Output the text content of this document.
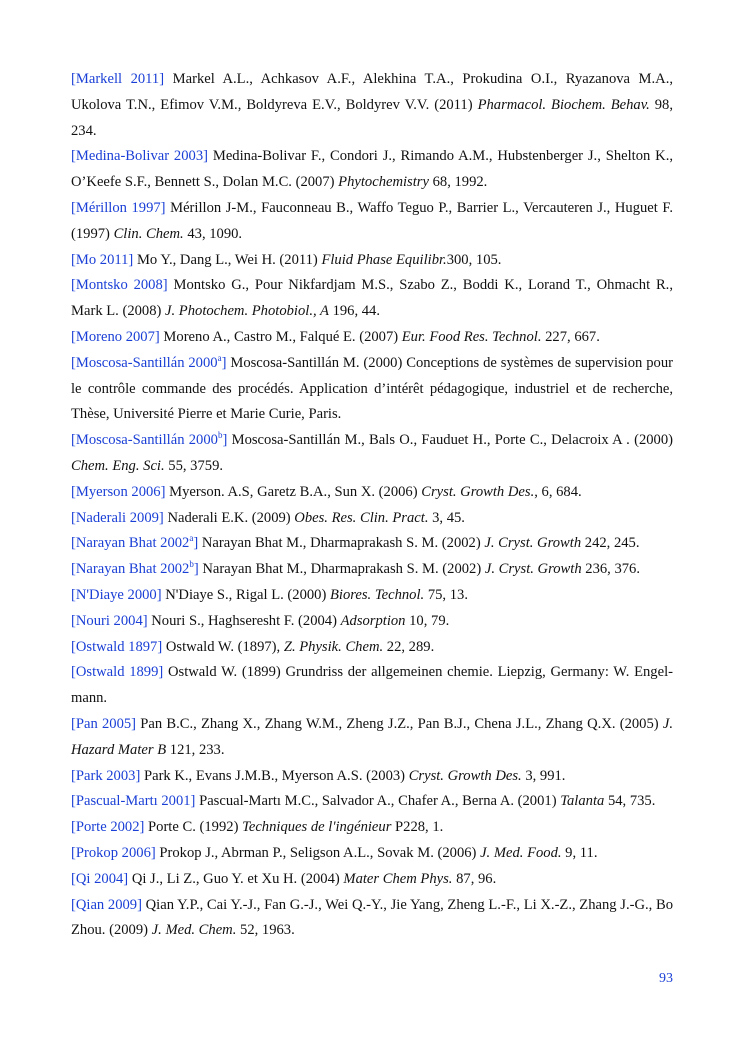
[Markell 2011] Markel A.L., Achkasov A.F., Alekhina T.A., Prokudina O.I., Ryazanova M.A., Ukolova T.N., Efimov V.M., Boldyreva E.V., Boldyrev V.V. (2011) Pharmacol. Biochem. Behav. 98, 234.

[Medina-Bolivar 2003] Medina-Bolivar F., Condori J., Rimando A.M., Hubstenberger J., Shelton K., O’Keefe S.F., Bennett S., Dolan M.C. (2007) Phytochemistry 68, 1992.

[Mérillon 1997] Mérillon J-M., Fauconneau B., Waffo Teguo P., Barrier L., Vercauteren J., Huguet F. (1997) Clin. Chem. 43, 1090.

[Mo 2011] Mo Y., Dang L., Wei H. (2011) Fluid Phase Equilibr.300, 105.

[Montsko 2008] Montsko G., Pour Nikfardjam M.S., Szabo Z., Boddi K., Lorand T., Ohmacht R., Mark L. (2008) J. Photochem. Photobiol., A 196, 44.

[Moreno 2007] Moreno A., Castro M., Falqué E. (2007) Eur. Food Res. Technol. 227, 667.

[Moscosa-Santillán 2000$^a$] Moscosa-Santillán M. (2000) Conceptions de systèmes de supervision pour le contrôle commande des procédés. Application d’intérêt pédagogique, industriel et de recherche, Thèse, Université Pierre et Marie Curie, Paris.

[Moscosa-Santillán 2000$^b$] Moscosa-Santillán M., Bals O., Fauduet H., Porte C., Delacroix A . (2000) Chem. Eng. Sci. 55, 3759.

[Myerson 2006] Myerson. A.S, Garetz B.A., Sun X. (2006) Cryst. Growth Des., 6, 684.

[Naderali 2009] Naderali E.K. (2009) Obes. Res. Clin. Pract. 3, 45.

[Narayan Bhat 2002$^a$] Narayan Bhat M., Dharmaprakash S. M. (2002) J. Cryst. Growth 242, 245.

[Narayan Bhat 2002$^b$] Narayan Bhat M., Dharmaprakash S. M. (2002) J. Cryst. Growth 236, 376.

[N'Diaye 2000] N'Diaye S., Rigal L. (2000) Biores. Technol. 75, 13.

[Nouri 2004] Nouri S., Haghseresht F. (2004) Adsorption 10, 79.

[Ostwald 1897] Ostwald W. (1897), Z. Physik. Chem. 22, 289.

[Ostwald 1899] Ostwald W. (1899) Grundriss der allgemeinen chemie. Liepzig, Germany: W. Engel-mann.

[Pan 2005] Pan B.C., Zhang X., Zhang W.M., Zheng J.Z., Pan B.J., Chena J.L., Zhang Q.X. (2005) J. Hazard Mater B 121, 233.

[Park 2003] Park K., Evans J.M.B., Myerson A.S. (2003) Cryst. Growth Des. 3, 991.

[Pascual-Martı 2001] Pascual-Martı M.C., Salvador A., Chafer A., Berna A. (2001) Talanta 54, 735.

[Porte 2002] Porte C. (1992) Techniques de l'ingénieur P228, 1.

[Prokop 2006] Prokop J., Abrman P., Seligson A.L., Sovak M. (2006) J. Med. Food. 9, 11.

[Qi 2004] Qi J., Li Z., Guo Y. et Xu H. (2004) Mater Chem Phys. 87, 96.

[Qian 2009] Qian Y.P., Cai Y.-J., Fan G.-J., Wei Q.-Y., Jie Yang, Zheng L.-F., Li X.-Z., Zhang J.-G., Bo Zhou. (2009) J. Med. Chem. 52, 1963.

93
